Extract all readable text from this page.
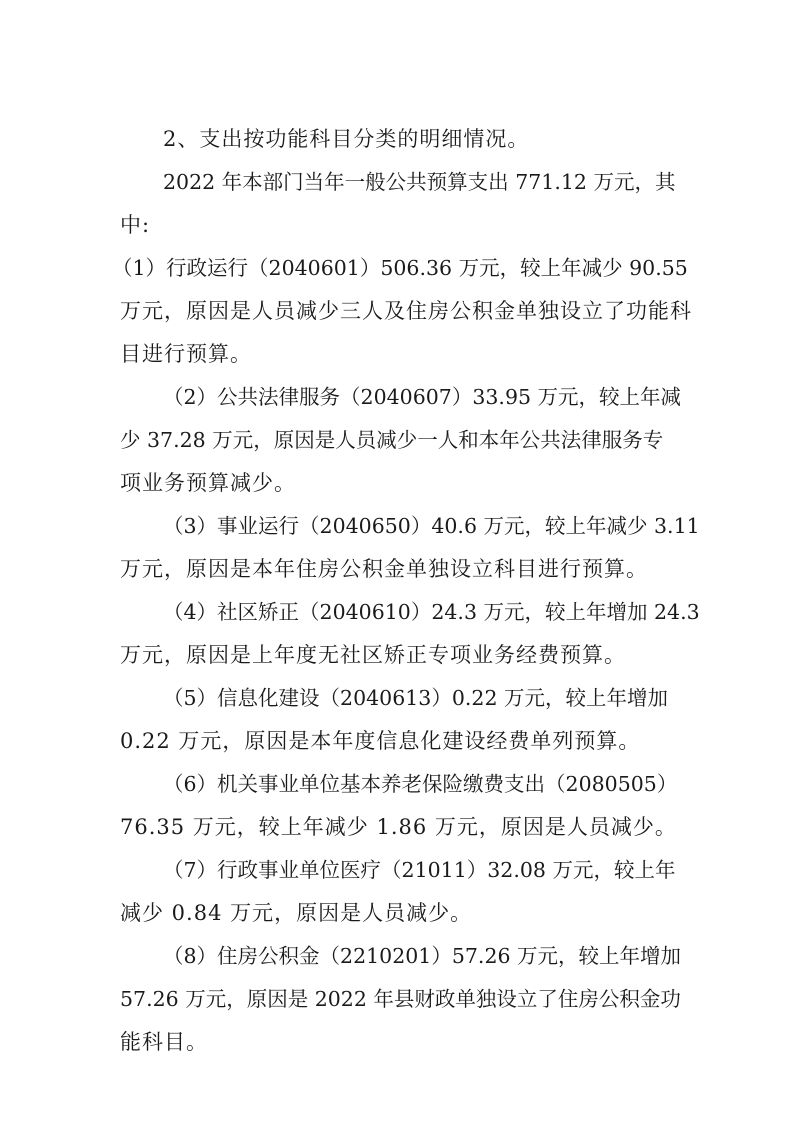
2、支出按功能科目分类的明细情况。
2022 年本部门当年一般公共预算支出 771.12 万元，其
中:
（1）行政运行（2040601）506.36 万元，较上年减少 90.55
万元，原因是人员减少三人及住房公积金单独设立了功能科
目进行预算。
（2）公共法律服务（2040607）33.95 万元，较上年减
少 37.28 万元，原因是人员减少一人和本年公共法律服务专
项业务预算减少。
（3）事业运行（2040650）40.6 万元，较上年减少 3.11
万元，原因是本年住房公积金单独设立科目进行预算。
（4）社区矫正（2040610）24.3 万元，较上年增加 24.3
万元，原因是上年度无社区矫正专项业务经费预算。
（5）信息化建设（2040613）0.22 万元，较上年增加
0.22 万元，原因是本年度信息化建设经费单列预算。
（6）机关事业单位基本养老保险缴费支出（2080505）
76.35 万元，较上年减少 1.86 万元，原因是人员减少。
（7）行政事业单位医疗（21011）32.08 万元，较上年
减少 0.84 万元，原因是人员减少。
（8）住房公积金（2210201）57.26 万元，较上年增加
57.26 万元，原因是 2022 年县财政单独设立了住房公积金功
能科目。
